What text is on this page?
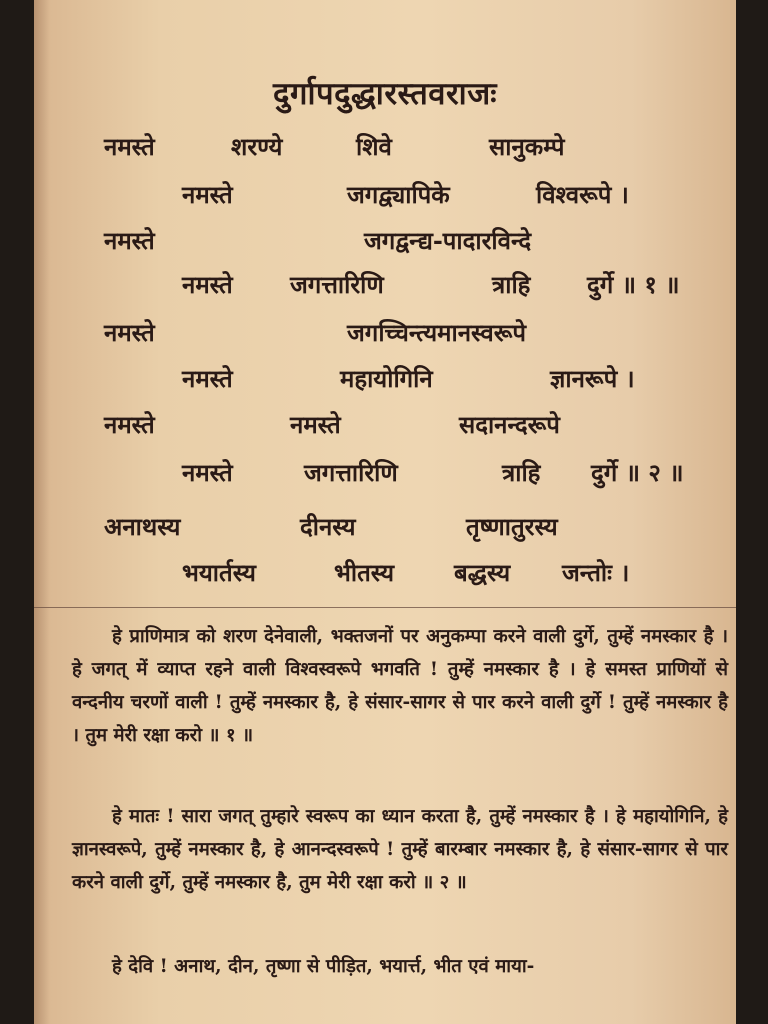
दुर्गापदुद्धारस्तवराजः
नमस्ते	शरण्ये	शिवे	सानुकम्पे
नमस्ते	जगद्व्यापिके	विश्वरूपे ।
नमस्ते	जगद्वन्द्य-पादारविन्दे
नमस्ते जगत्तारिणि	त्राहि दुर्गे ॥ १ ॥
नमस्ते	जगच्चिन्त्यमानस्वरूपे
नमस्ते	महायोगिनि	ज्ञानरूपे ।
नमस्ते	नमस्ते	सदानन्दरूपे
नमस्ते	जगत्तारिणि	त्राहि दुर्गे ॥ २ ॥
अनाथस्य	दीनस्य	तृष्णातुरस्य
भयार्तस्य	भीतस्य बद्धस्य जन्तोः ।
हे प्राणिमात्र को शरण देनेवाली, भक्तजनों पर अनुकम्पा करने वाली दुर्गे, तुम्हें नमस्कार है । हे जगत् में व्याप्त रहने वाली विश्वस्वरूपे भगवति ! तुम्हें नमस्कार है । हे समस्त प्राणियों से वन्दनीय चरणों वाली ! तुम्हें नमस्कार है, हे संसार-सागर से पार करने वाली दुर्गे ! तुम्हें नमस्कार है । तुम मेरी रक्षा करो ॥ १ ॥
हे मातः ! सारा जगत् तुम्हारे स्वरूप का ध्यान करता है, तुम्हें नमस्कार है । हे महायोगिनि, हे ज्ञानस्वरूपे, तुम्हें नमस्कार है, हे आनन्दस्वरूपे ! तुम्हें बारम्बार नमस्कार है, हे संसार-सागर से पार करने वाली दुर्गे, तुम्हें नमस्कार है, तुम मेरी रक्षा करो ॥ २ ॥
हे देवि ! अनाथ, दीन, तृष्णा से पीड़ित, भयार्त्त, भीत एवं माया-
